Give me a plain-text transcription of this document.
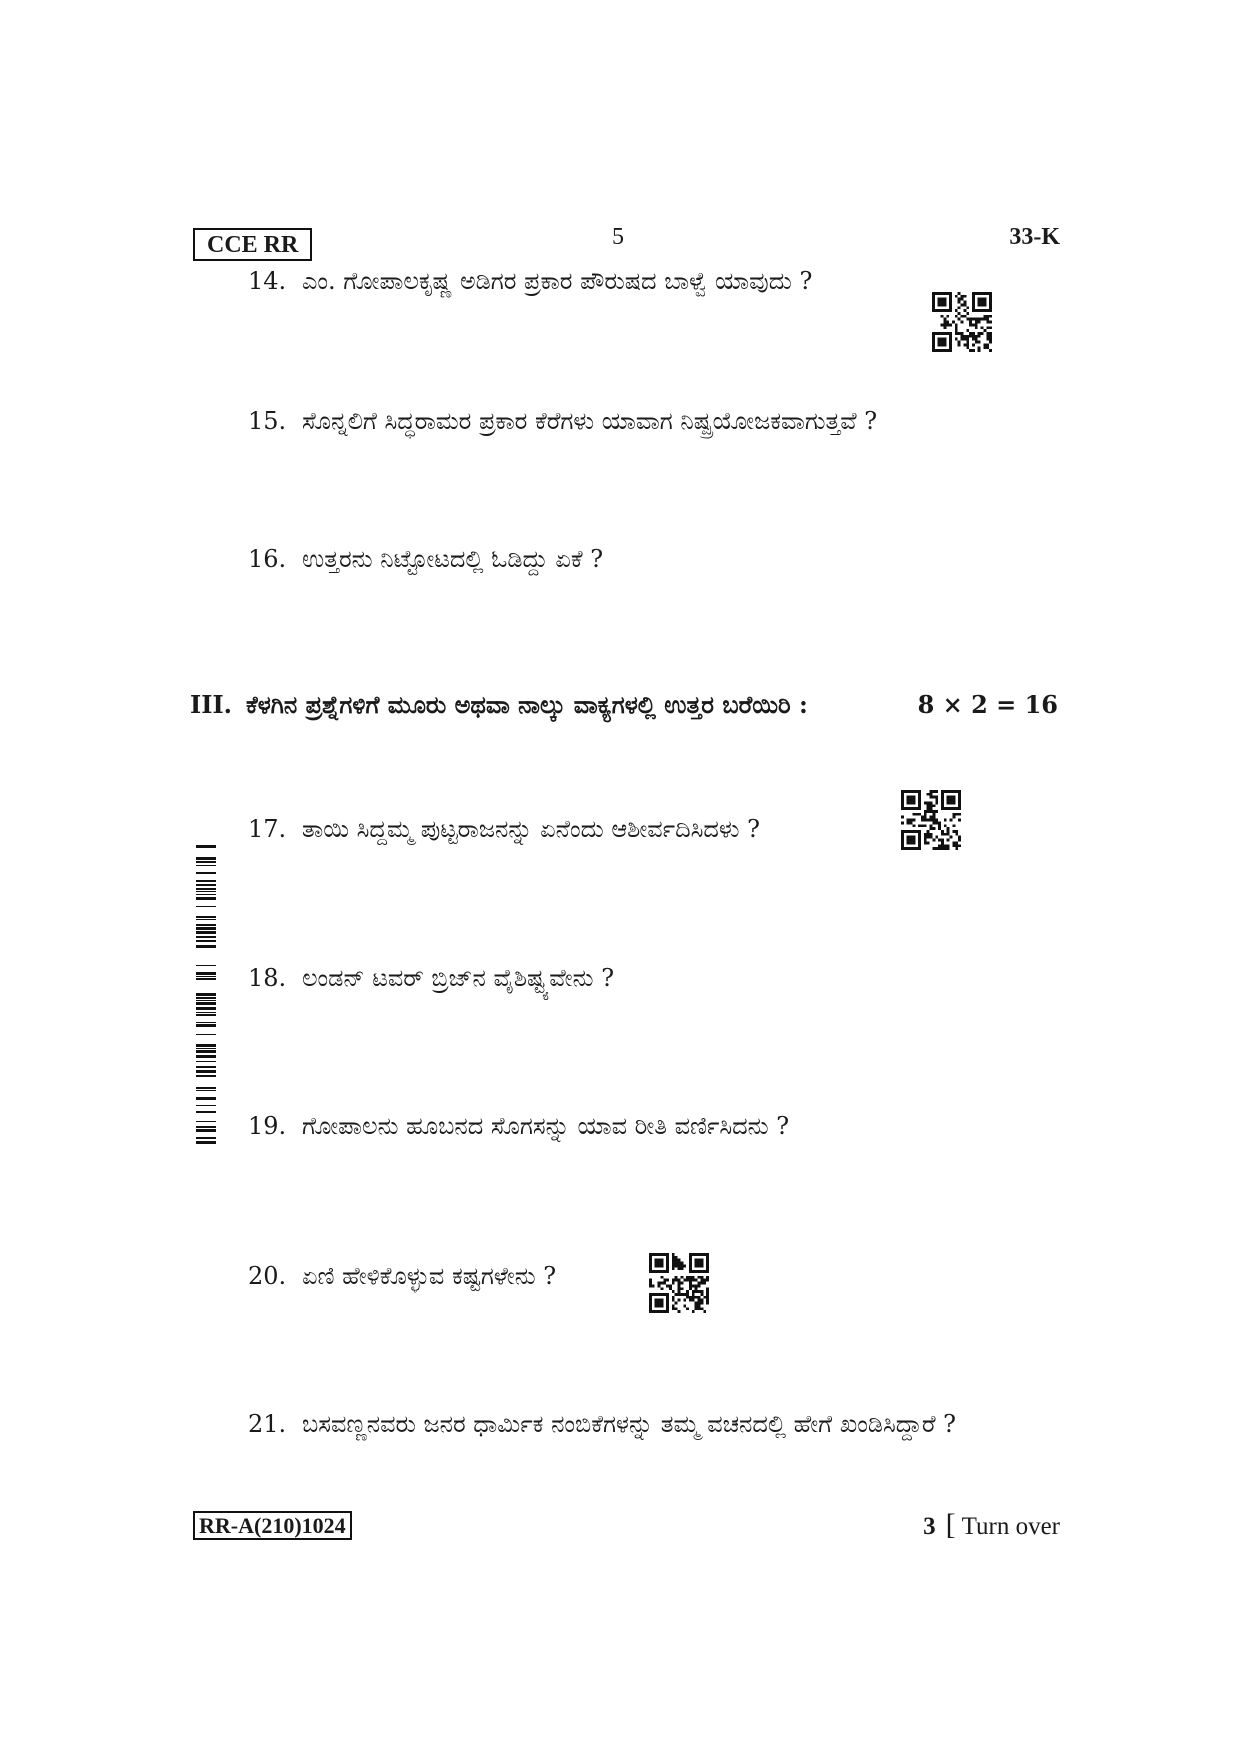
CCE RR	5	33-K
14. ಎಂ. ಗೋಪಾಲಕೃಷ್ಣ ಅಡಿಗರ ಪ್ರಕಾರ ಪೌರುಷದ ಬಾಳ್ವೆ ಯಾವುದು ?
15. ಸೊನ್ನಲಿಗೆ ಸಿದ್ಧರಾಮರ ಪ್ರಕಾರ ಕೆರೆಗಳು ಯಾವಾಗ ನಿಷ್ಪ್ರಯೋಜಕವಾಗುತ್ತವೆ ?
16. ಉತ್ತರನು ನಿಟ್ಟೋಟದಲ್ಲಿ ಓಡಿದ್ದು ಏಕೆ ?
III. ಕೆಳಗಿನ ಪ್ರಶ್ನೆಗಳಿಗೆ ಮೂರು ಅಥವಾ ನಾಲ್ಕು ವಾಕ್ಯಗಳಲ್ಲಿ ಉತ್ತರ ಬರೆಯಿರಿ :	8 × 2 = 16
17. ತಾಯಿ ಸಿದ್ದಮ್ಮ ಪುಟ್ಟರಾಜನನ್ನು ಏನೆಂದು ಆಶೀರ್ವದಿಸಿದಳು ?
18. ಲಂಡನ್ ಟವರ್ ಬ್ರಿಜ್‌ನ ವೈಶಿಷ್ಟ್ಯವೇನು ?
19. ಗೋಪಾಲನು ಹೂಬನದ ಸೊಗಸನ್ನು ಯಾವ ರೀತಿ ವರ್ಣಿಸಿದನು ?
20. ಏಣಿ ಹೇಳಿಕೊಳ್ಳುವ ಕಷ್ಟಗಳೇನು ?
21. ಬಸವಣ್ಣನವರು ಜನರ ಧಾರ್ಮಿಕ ನಂಬಿಕೆಗಳನ್ನು ತಮ್ಮ ವಚನದಲ್ಲಿ ಹೇಗೆ ಖಂಡಿಸಿದ್ದಾರೆ ?
RR-A(210)1024	3 [ Turn over
